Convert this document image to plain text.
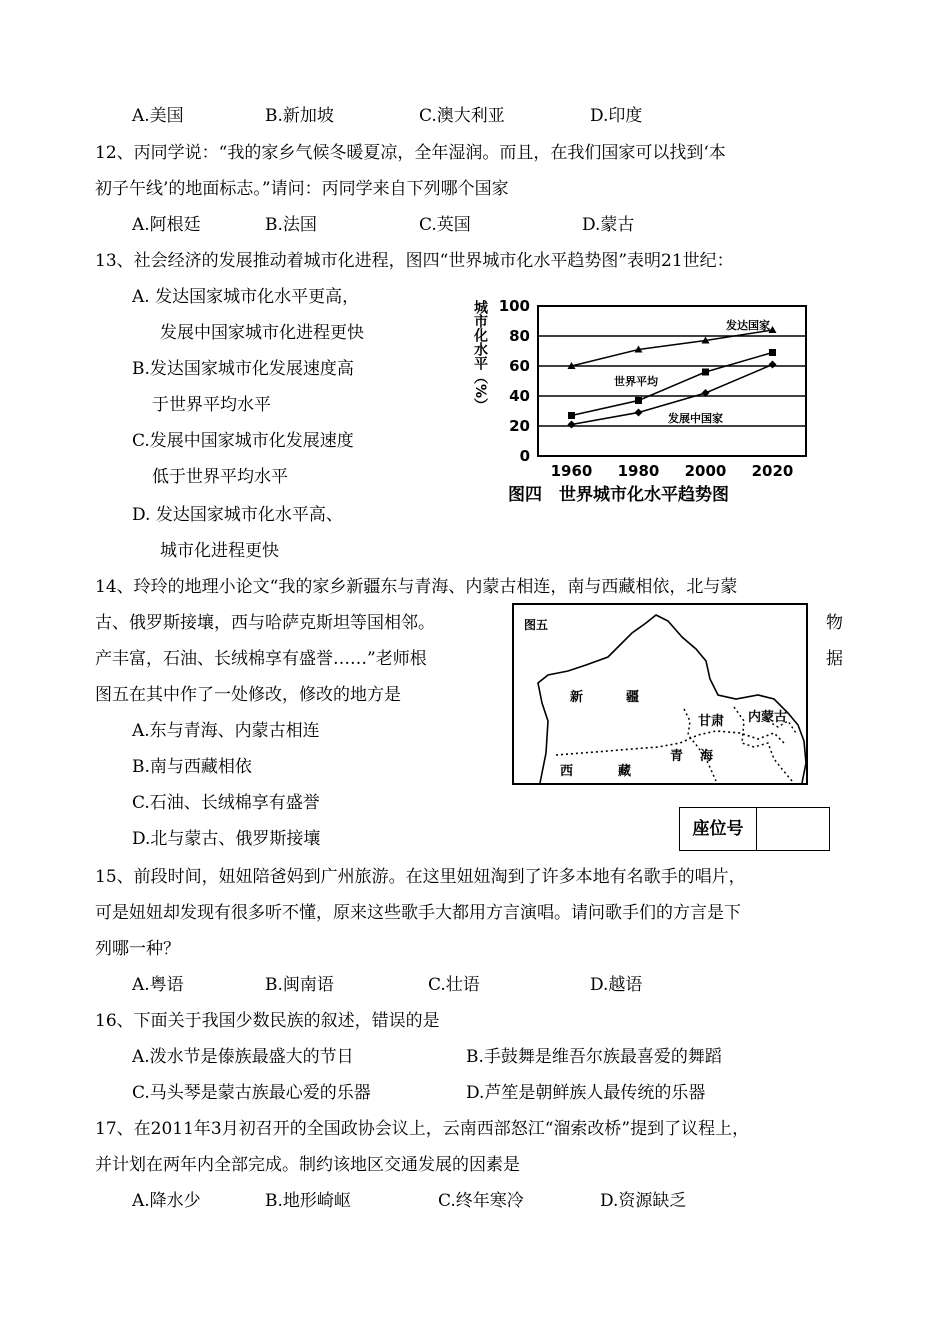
A.美国	B.新加坡	C.澳大利亚	D.印度
12、丙同学说：“我的家乡气候冬暖夏凉，全年湿润。而且，在我们国家可以找到‘本
初子午线’的地面标志。”请问：丙同学来自下列哪个国家
A.阿根廷	B.法国	C.英国	D.蒙古
13、社会经济的发展推动着城市化进程，图四“世界城市化水平趋势图”表明21世纪：
A. 发达国家城市化水平更高，
发展中国家城市化进程更快
B.发达国家城市化发展速度高
于世界平均水平
C.发展中国家城市化发展速度
低于世界平均水平
D. 发达国家城市化水平高、
城市化进程更快
0
20
40
60
80
100
1960 1980 2000 2020
发达国家
世界平均
发展中国家
城市化水平（%）
图四　世界城市化水平趋势图
14、玲玲的地理小论文“我的家乡新疆东与青海、内蒙古相连，南与西藏相依，北与蒙
古、俄罗斯接壤，西与哈萨克斯坦等国相邻。	物
产丰富，石油、长绒棉享有盛誉……”老师根	据
图五在其中作了一处修改，修改的地方是
A.东与青海、内蒙古相连
B.南与西藏相依
C.石油、长绒棉享有盛誉
D.北与蒙古、俄罗斯接壤
图五
新	疆
甘肃 内蒙古
青 海
西	藏
座位号
15、前段时间，妞妞陪爸妈到广州旅游。在这里妞妞淘到了许多本地有名歌手的唱片，
可是妞妞却发现有很多听不懂，原来这些歌手大都用方言演唱。请问歌手们的方言是下
列哪一种？
A.粤语	B.闽南语	C.壮语	D.越语
16、下面关于我国少数民族的叙述，错误的是
A.泼水节是傣族最盛大的节日	B.手鼓舞是维吾尔族最喜爱的舞蹈
C.马头琴是蒙古族最心爱的乐器	D.芦笙是朝鲜族人最传统的乐器
17、在2011年3月初召开的全国政协会议上，云南西部怒江“溜索改桥”提到了议程上，
并计划在两年内全部完成。制约该地区交通发展的因素是
A.降水少	B.地形崎岖	C.终年寒冷	D.资源缺乏
